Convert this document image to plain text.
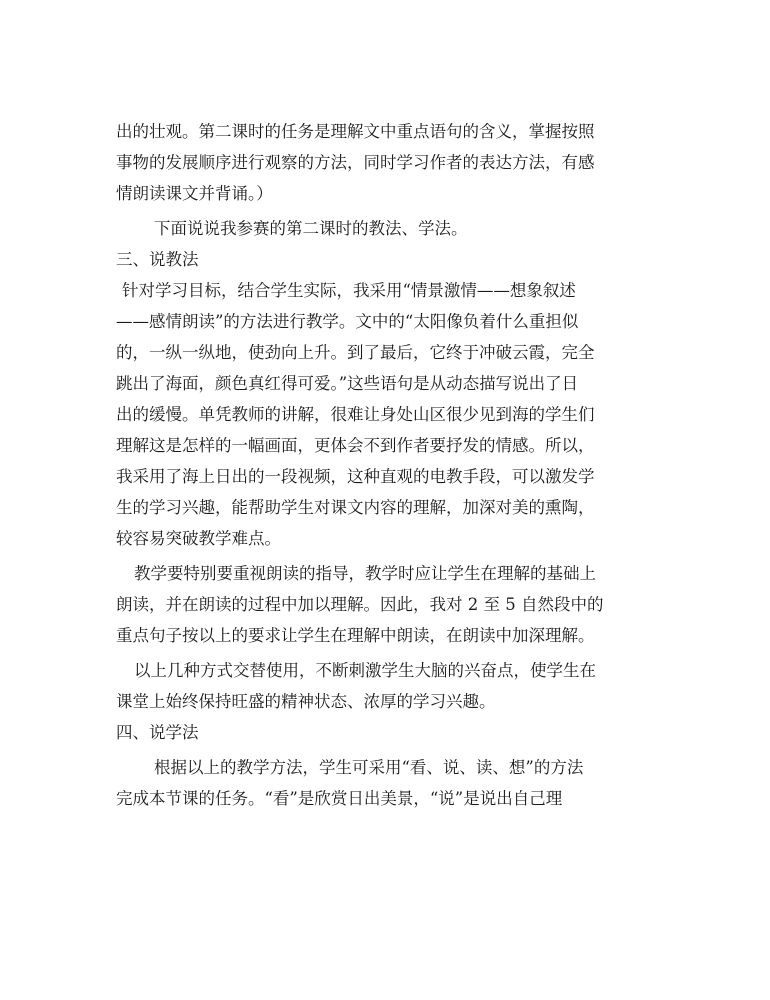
出的壮观。第二课时的任务是理解文中重点语句的含义，掌握按照
事物的发展顺序进行观察的方法，同时学习作者的表达方法，有感
情朗读课文并背诵。）
下面说说我参赛的第二课时的教法、学法。
三、说教法
针对学习目标，结合学生实际，我采用“情景激情——想象叙述
——感情朗读”的方法进行教学。文中的“太阳像负着什么重担似
的，一纵一纵地，使劲向上升。到了最后，它终于冲破云霞，完全
跳出了海面，颜色真红得可爱。”这些语句是从动态描写说出了日
出的缓慢。单凭教师的讲解，很难让身处山区很少见到海的学生们
理解这是怎样的一幅画面，更体会不到作者要抒发的情感。所以，
我采用了海上日出的一段视频，这种直观的电教手段，可以激发学
生的学习兴趣，能帮助学生对课文内容的理解，加深对美的熏陶，
较容易突破教学难点。
教学要特别要重视朗读的指导，教学时应让学生在理解的基础上
朗读，并在朗读的过程中加以理解。因此，我对 2 至 5 自然段中的
重点句子按以上的要求让学生在理解中朗读，在朗读中加深理解。
以上几种方式交替使用，不断刺激学生大脑的兴奋点，使学生在
课堂上始终保持旺盛的精神状态、浓厚的学习兴趣。
四、说学法
根据以上的教学方法，学生可采用“看、说、读、想”的方法
完成本节课的任务。“看”是欣赏日出美景，“说”是说出自己理
